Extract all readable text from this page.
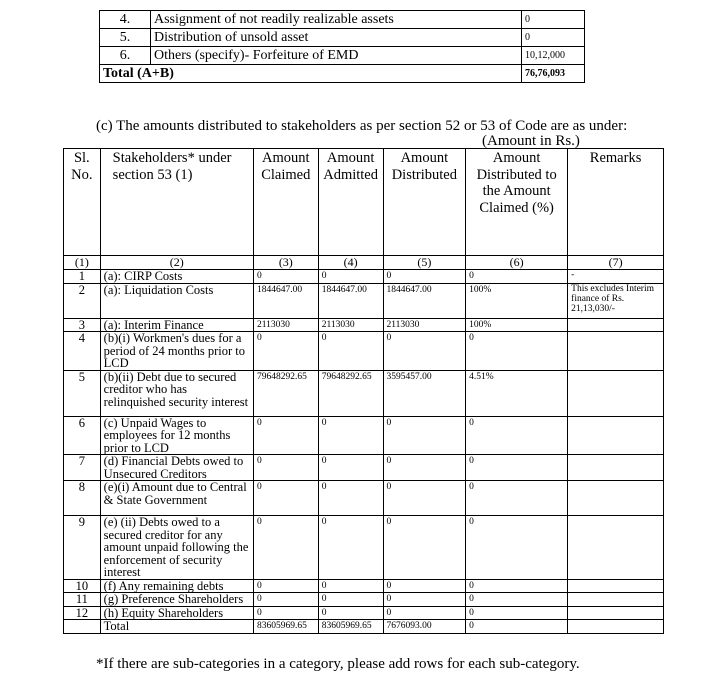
4.	Assignment of not readily realizable assets	0
5.	Distribution of unsold asset	0
6.	Others (specify)- Forfeiture of EMD	10,12,000
Total (A+B)		76,76,093
(c) The amounts distributed to stakeholders as per section 52 or 53 of Code are as under:
(Amount in Rs.)
Sl. No.	Stakeholders* under section 53 (1)	Amount Claimed	Amount Admitted	Amount Distributed	Amount Distributed to the Amount Claimed (%)	Remarks
(1)	(2)	(3)	(4)	(5)	(6)	(7)
1	(a): CIRP Costs	0	0	0	0	-
2	(a): Liquidation Costs	1844647.00	1844647.00	1844647.00	100%	This excludes Interim finance of Rs. 21,13,030/-
3	(a): Interim Finance	2113030	2113030	2113030	100%	
4	(b)(i) Workmen's dues for a period of 24 months prior to LCD	0	0	0	0	
5	(b)(ii) Debt due to secured creditor who has relinquished security interest	79648292.65	79648292.65	3595457.00	4.51%	
6	(c) Unpaid Wages to employees for 12 months prior to LCD	0	0	0	0	
7	(d) Financial Debts owed to Unsecured Creditors	0	0	0	0	
8	(e)(i) Amount due to Central & State Government	0	0	0	0	
9	(e) (ii) Debts owed to a secured creditor for any amount unpaid following the enforcement of security interest	0	0	0	0	
10	(f) Any remaining debts	0	0	0	0	
11	(g) Preference Shareholders	0	0	0	0	
12	(h) Equity Shareholders	0	0	0	0	
	Total	83605969.65	83605969.65	7676093.00	0	
*If there are sub-categories in a category, please add rows for each sub-category.
